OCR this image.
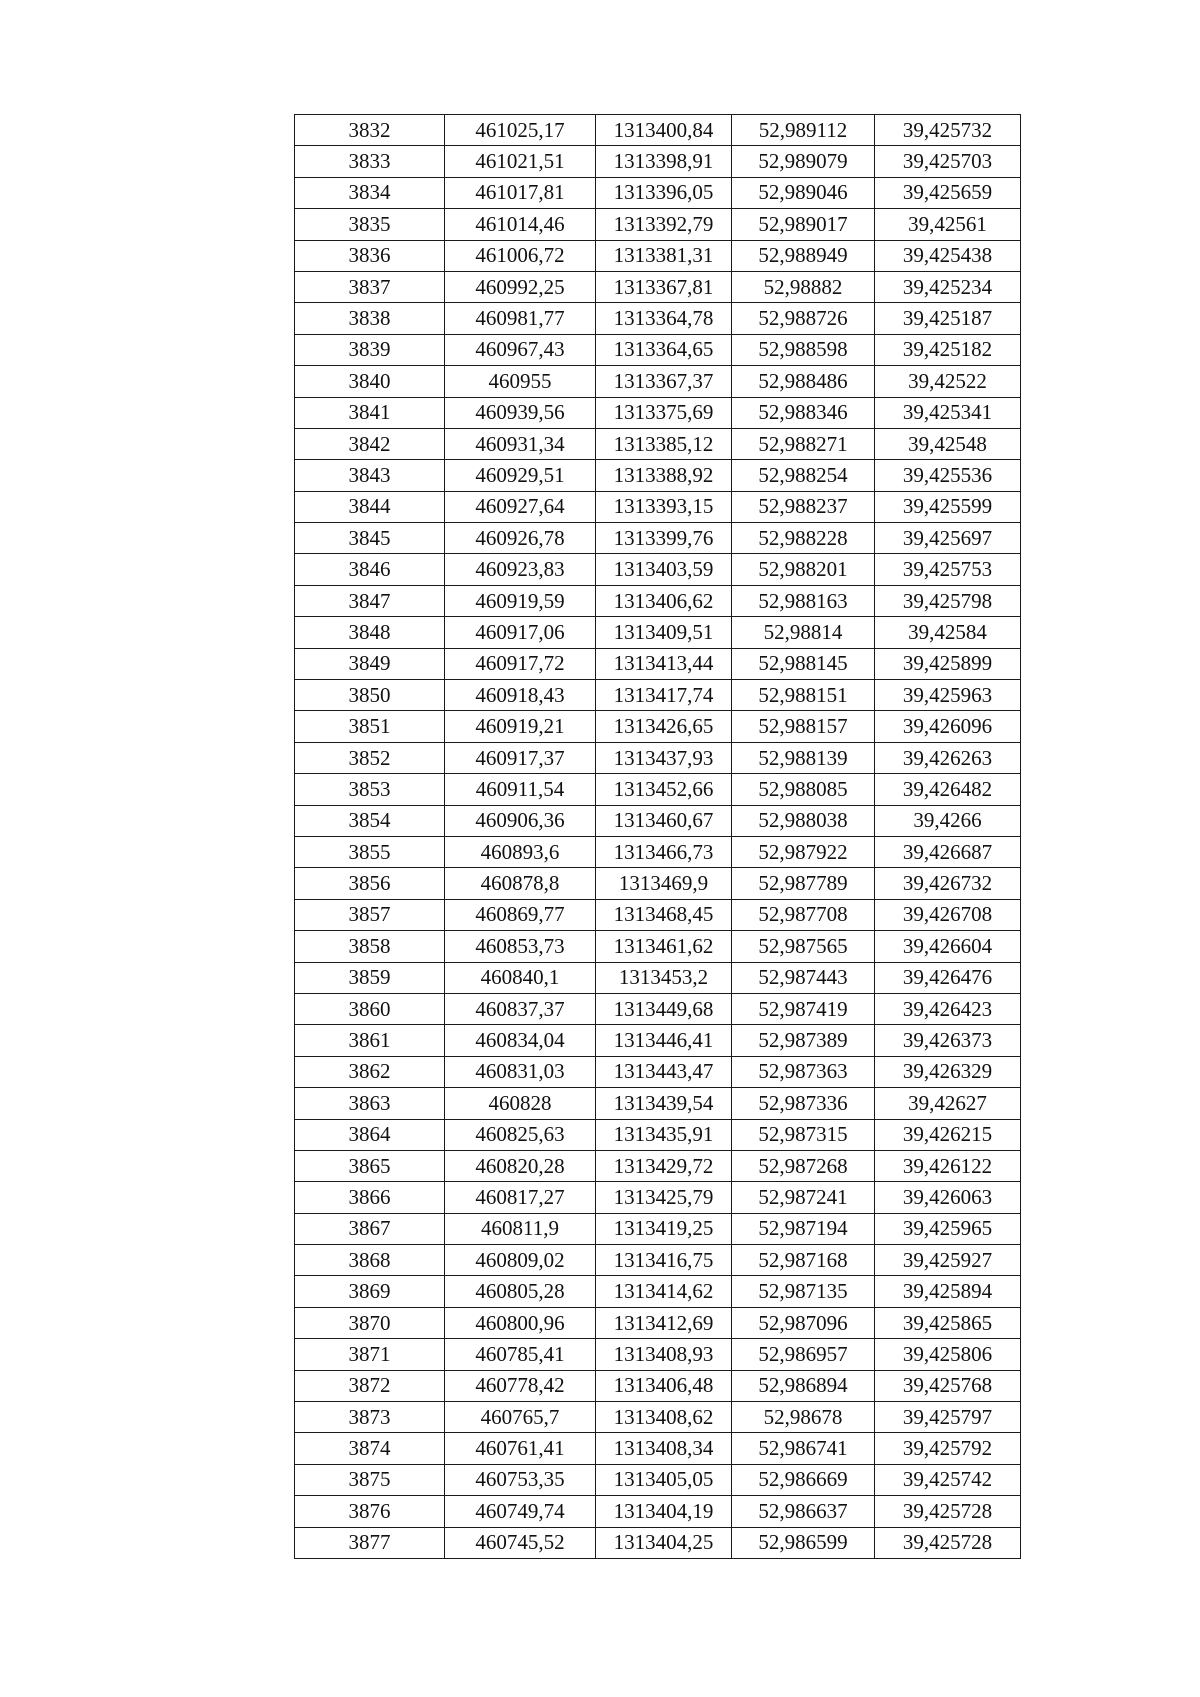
3832	461025,17	1313400,84	52,989112	39,425732
3833	461021,51	1313398,91	52,989079	39,425703
3834	461017,81	1313396,05	52,989046	39,425659
3835	461014,46	1313392,79	52,989017	39,42561
3836	461006,72	1313381,31	52,988949	39,425438
3837	460992,25	1313367,81	52,98882	39,425234
3838	460981,77	1313364,78	52,988726	39,425187
3839	460967,43	1313364,65	52,988598	39,425182
3840	460955	1313367,37	52,988486	39,42522
3841	460939,56	1313375,69	52,988346	39,425341
3842	460931,34	1313385,12	52,988271	39,42548
3843	460929,51	1313388,92	52,988254	39,425536
3844	460927,64	1313393,15	52,988237	39,425599
3845	460926,78	1313399,76	52,988228	39,425697
3846	460923,83	1313403,59	52,988201	39,425753
3847	460919,59	1313406,62	52,988163	39,425798
3848	460917,06	1313409,51	52,98814	39,42584
3849	460917,72	1313413,44	52,988145	39,425899
3850	460918,43	1313417,74	52,988151	39,425963
3851	460919,21	1313426,65	52,988157	39,426096
3852	460917,37	1313437,93	52,988139	39,426263
3853	460911,54	1313452,66	52,988085	39,426482
3854	460906,36	1313460,67	52,988038	39,4266
3855	460893,6	1313466,73	52,987922	39,426687
3856	460878,8	1313469,9	52,987789	39,426732
3857	460869,77	1313468,45	52,987708	39,426708
3858	460853,73	1313461,62	52,987565	39,426604
3859	460840,1	1313453,2	52,987443	39,426476
3860	460837,37	1313449,68	52,987419	39,426423
3861	460834,04	1313446,41	52,987389	39,426373
3862	460831,03	1313443,47	52,987363	39,426329
3863	460828	1313439,54	52,987336	39,42627
3864	460825,63	1313435,91	52,987315	39,426215
3865	460820,28	1313429,72	52,987268	39,426122
3866	460817,27	1313425,79	52,987241	39,426063
3867	460811,9	1313419,25	52,987194	39,425965
3868	460809,02	1313416,75	52,987168	39,425927
3869	460805,28	1313414,62	52,987135	39,425894
3870	460800,96	1313412,69	52,987096	39,425865
3871	460785,41	1313408,93	52,986957	39,425806
3872	460778,42	1313406,48	52,986894	39,425768
3873	460765,7	1313408,62	52,98678	39,425797
3874	460761,41	1313408,34	52,986741	39,425792
3875	460753,35	1313405,05	52,986669	39,425742
3876	460749,74	1313404,19	52,986637	39,425728
3877	460745,52	1313404,25	52,986599	39,425728
